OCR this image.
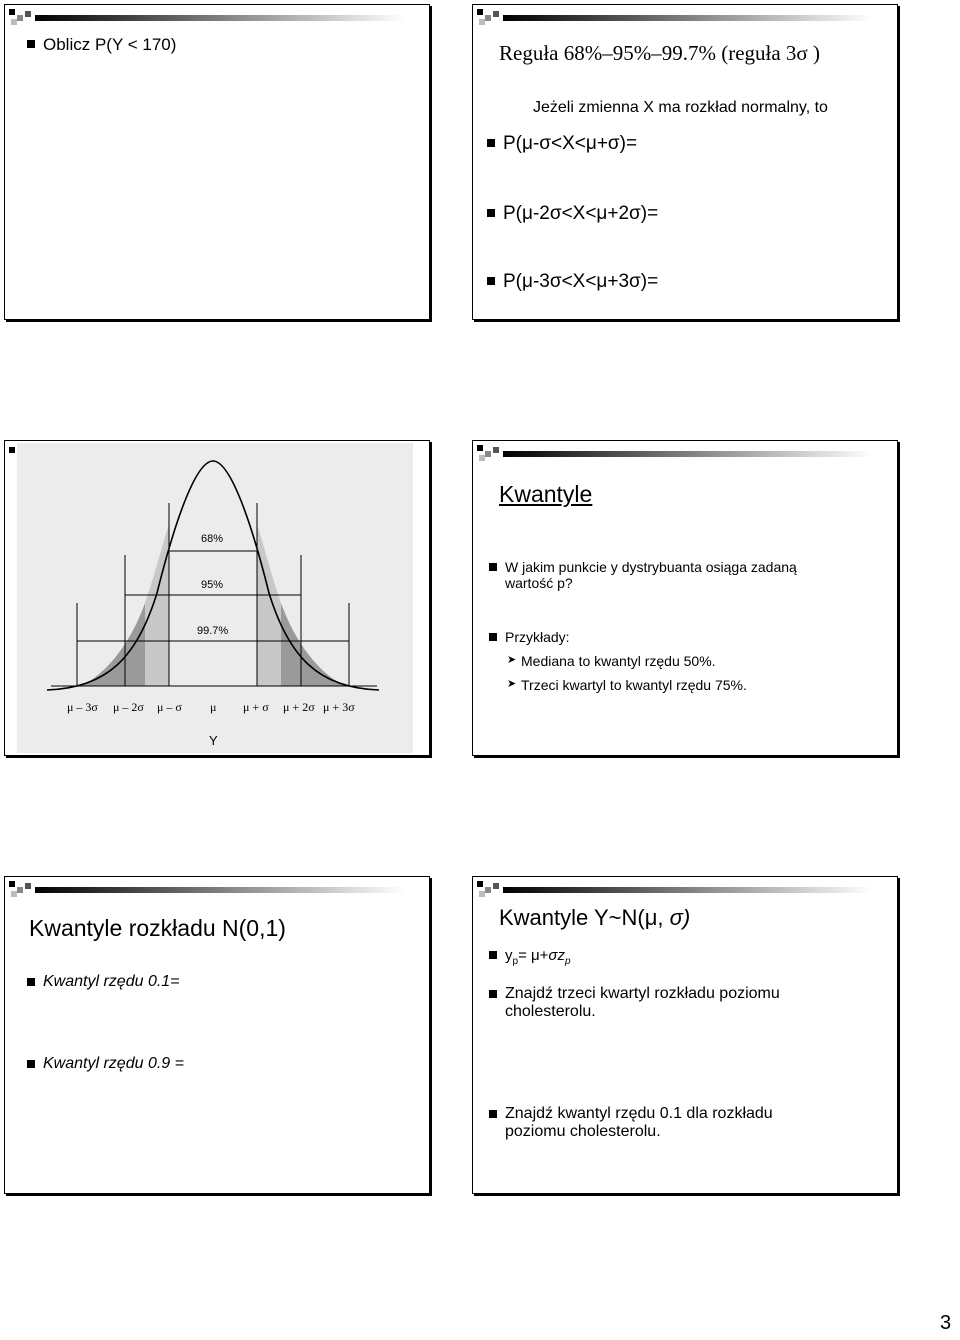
Oblicz P(Y < 170)	Reguła 68%–95%–99.7% (reguła 3σ )
Jeżeli zmienna X ma rozkład normalny, to
P(μ-σ<X<μ+σ)=
P(μ-2σ<X<μ+2σ)=
P(μ-3σ<X<μ+3σ)=
68%
95%
99.7%
μ – 3σ μ – 2σ μ – σ μ μ + σ μ + 2σ μ + 3σ
Y
Kwantyle
W jakim punkcie y dystrybuanta osiąga zadaną
wartość p?
Przykłady:
➤ Mediana to kwantyl rzędu 50%.
➤ Trzeci kwartyl to kwantyl rzędu 75%.
Kwantyle rozkładu N(0,1)
Kwantyl rzędu 0.1=
Kwantyl rzędu 0.9 =
Kwantyle Y~N(μ, σ)
$y_p= \mu+\sigma z_p$
Znajdź trzeci kwartyl rozkładu poziomu
cholesterolu.
Znajdź kwantyl rzędu 0.1 dla rozkładu
poziomu cholesterolu.
3
